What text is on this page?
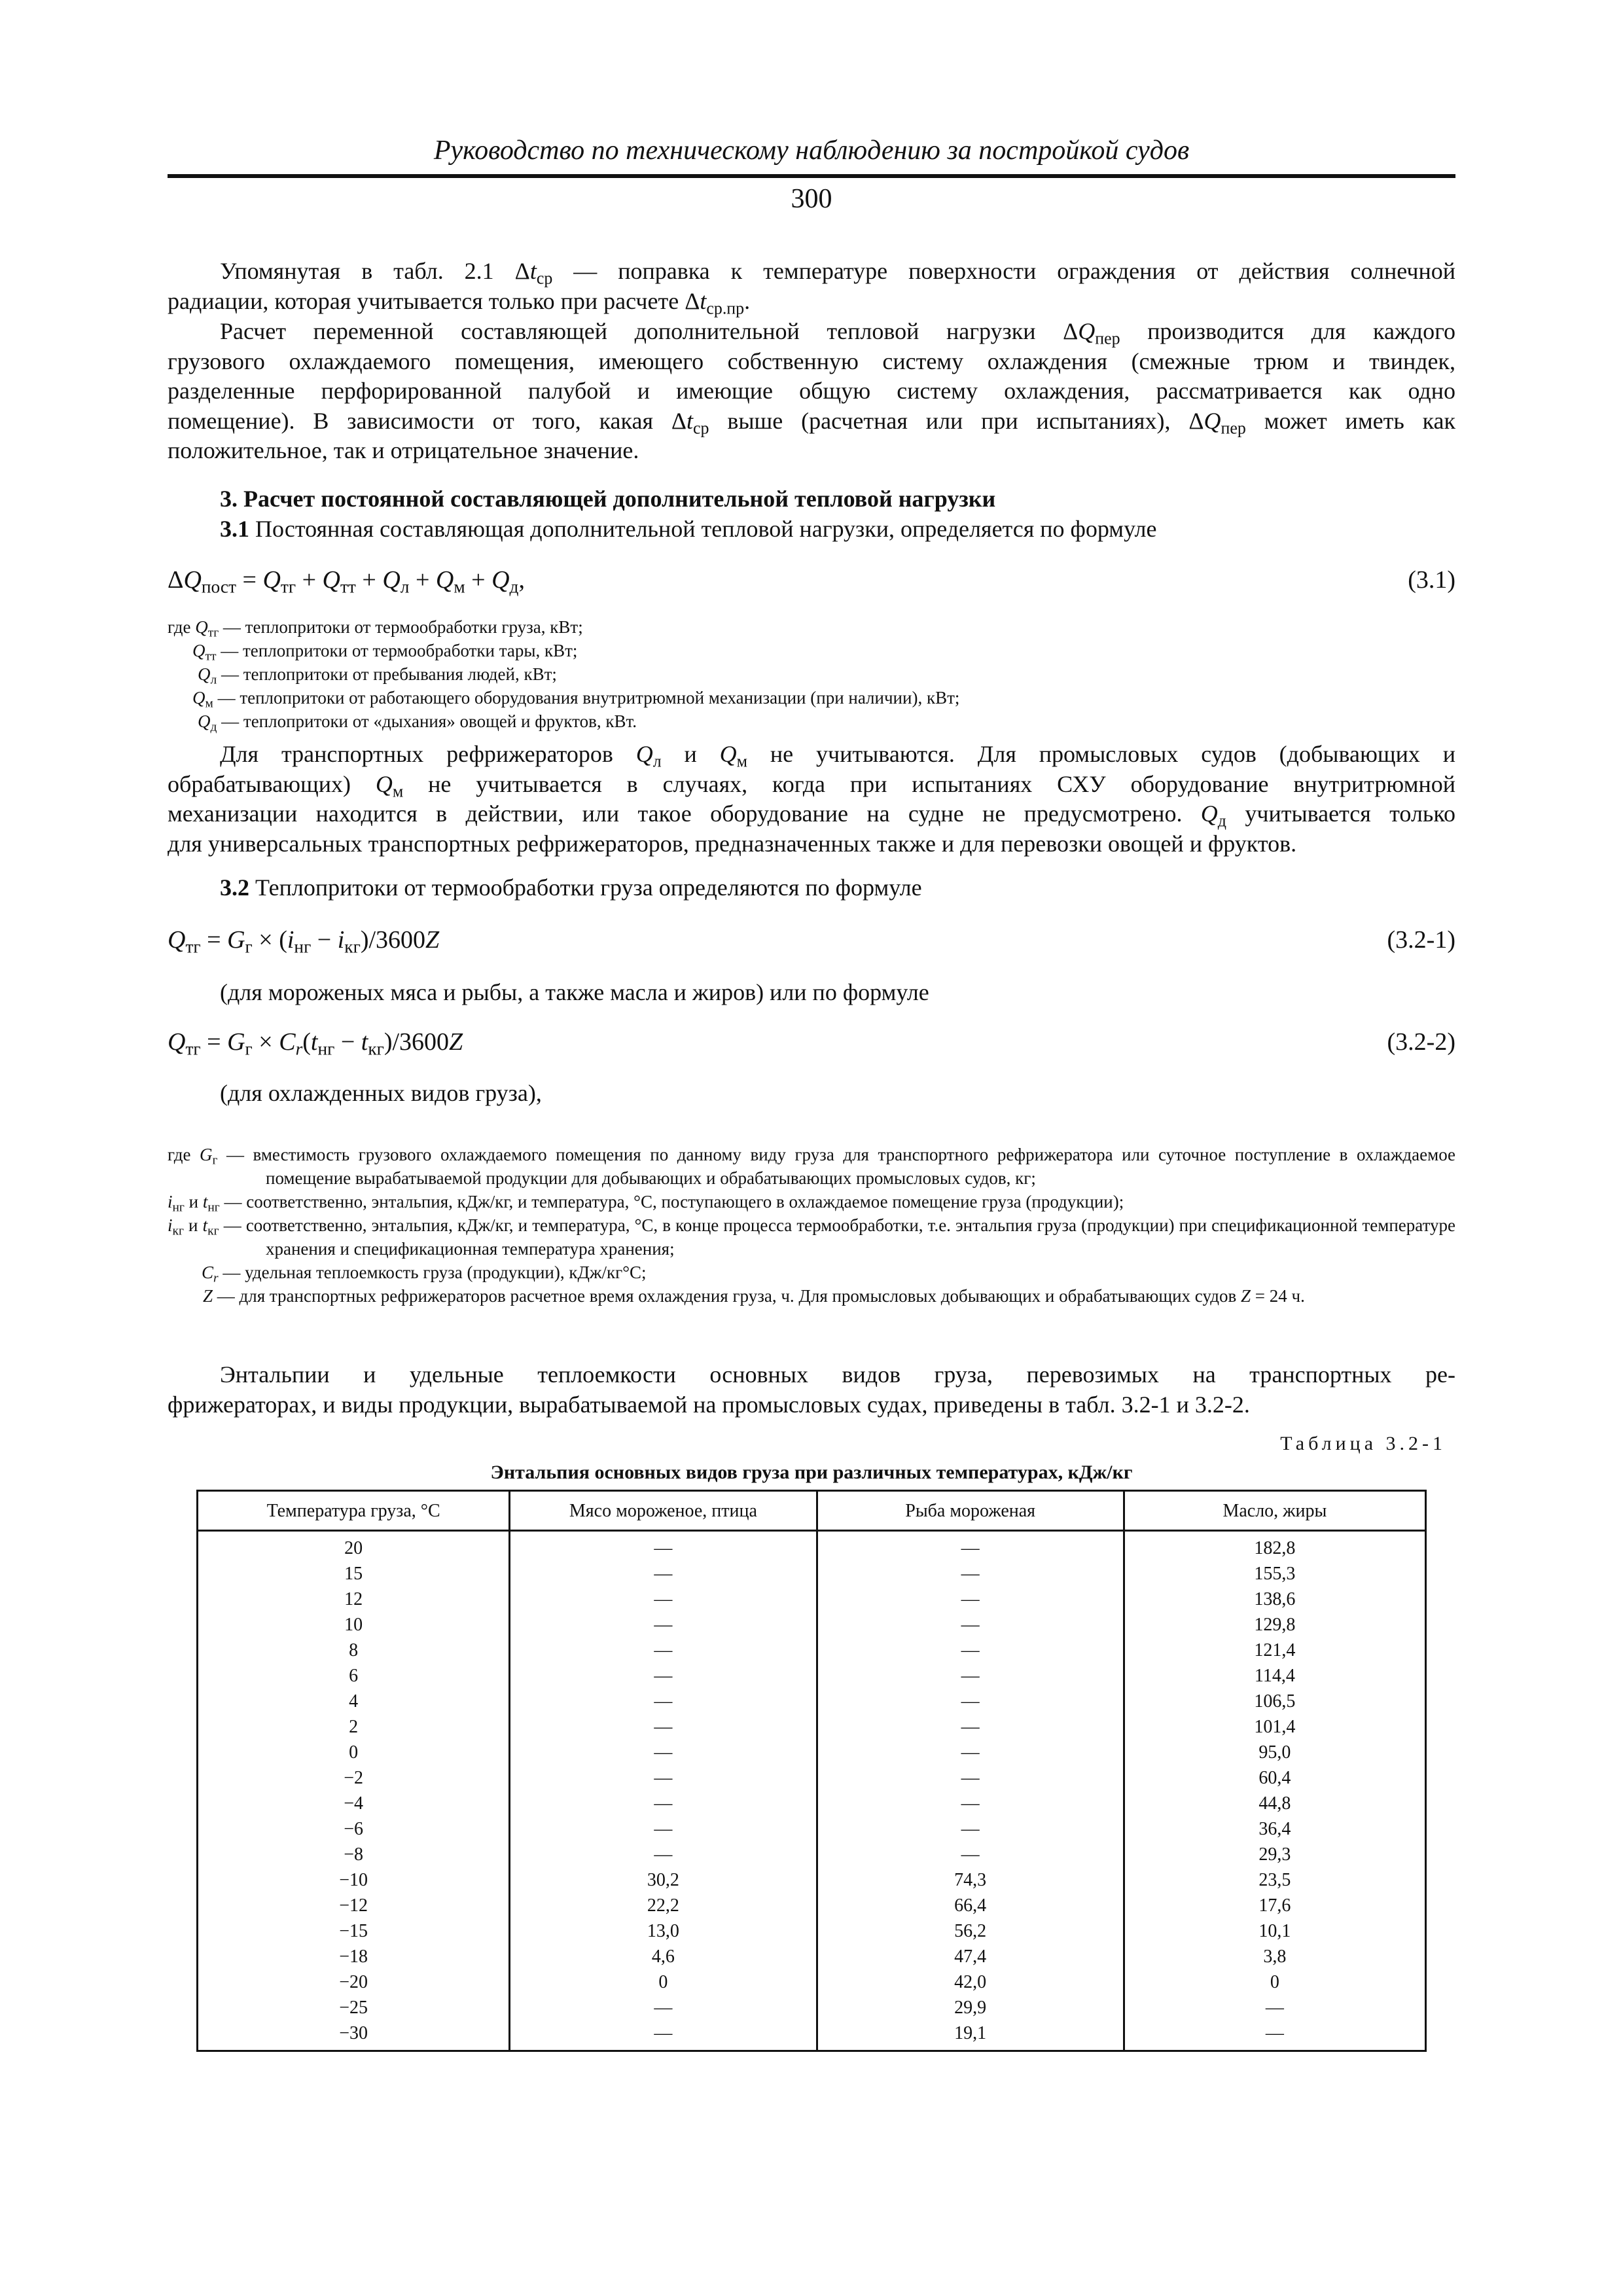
Руководство по техническому наблюдению за постройкой судов
300
Упомянутая в табл. 2.1 $\Delta t_{ср}$ — поправка к температуре поверхности ограждения от действия солнечной
радиации, которая учитывается только при расчете $\Delta t_{ср.пр}$.
Расчет переменной составляющей дополнительной тепловой нагрузки $\Delta Q_{пер}$ производится для каждого
грузового охлаждаемого помещения, имеющего собственную систему охлаждения (смежные трюм и твиндек,
разделенные перфорированной палубой и имеющие общую систему охлаждения, рассматривается как одно
помещение). В зависимости от того, какая $\Delta t_{ср}$ выше (расчетная или при испытаниях), $\Delta Q_{пер}$ может иметь как
положительное, так и отрицательное значение.
3. Расчет постоянной составляющей дополнительной тепловой нагрузки
3.1 Постоянная составляющая дополнительной тепловой нагрузки, определяется по формуле
$\Delta Q_{пост} = Q_{тг} + Q_{тт} + Q_л + Q_м + Q_д$,	(3.1)
где $Q_{тг}$ — теплопритоки от термообработки груза, кВт;
$Q_{тт}$ — теплопритоки от термообработки тары, кВт;
$Q_л$ — теплопритоки от пребывания людей, кВт;
$Q_м$ — теплопритоки от работающего оборудования внутритрюмной механизации (при наличии), кВт;
$Q_д$ — теплопритоки от «дыхания» овощей и фруктов, кВт.
Для транспортных рефрижераторов $Q_л$ и $Q_м$ не учитываются. Для промысловых судов (добывающих и
обрабатывающих) $Q_м$ не учитывается в случаях, когда при испытаниях СХУ оборудование внутритрюмной
механизации находится в действии, или такое оборудование на судне не предусмотрено. $Q_д$ учитывается только
для универсальных транспортных рефрижераторов, предназначенных также и для перевозки овощей и фруктов.
3.2 Теплопритоки от термообработки груза определяются по формуле
$Q_{тг} = G_г \times (i_{нг} - i_{кг})/3600Z$	(3.2-1)
(для мороженых мяса и рыбы, а также масла и жиров) или по формуле
$Q_{тг} = G_г \times C_r(t_{нг} - t_{кг})/3600Z$	(3.2-2)
(для охлажденных видов груза),
где $G_г$ — вместимость грузового охлаждаемого помещения по данному виду груза для транспортного рефрижератора или суточное поступление в охлаждаемое помещение вырабатываемой продукции для добывающих и обрабатывающих промысловых судов, кг;
$i_{нг}$ и $t_{нг}$ — соответственно, энтальпия, кДж/кг, и температура, °С, поступающего в охлаждаемое помещение груза (продукции);
$i_{кг}$ и $t_{кг}$ — соответственно, энтальпия, кДж/кг, и температура, °С, в конце процесса термообработки, т.е. энтальпия груза (продукции) при спецификационной температуре хранения и спецификационная температура хранения;
$C_r$ — удельная теплоемкость груза (продукции), кДж/кг°С;
Z — для транспортных рефрижераторов расчетное время охлаждения груза, ч. Для промысловых добывающих и обрабатывающих судов Z = 24 ч.
Энтальпии и удельные теплоемкости основных видов груза, перевозимых на транспортных ре-
фрижераторах, и виды продукции, вырабатываемой на промысловых судах, приведены в табл. 3.2-1 и 3.2-2.
Таблица 3.2-1
Энтальпия основных видов груза при различных температурах, кДж/кг
Температура груза, °С	Мясо мороженое, птица	Рыба мороженая	Масло, жиры
20	—	—	182,8
15	—	—	155,3
12	—	—	138,6
10	—	—	129,8
8	—	—	121,4
6	—	—	114,4
4	—	—	106,5
2	—	—	101,4
0	—	—	95,0
−2	—	—	60,4
−4	—	—	44,8
−6	—	—	36,4
−8	—	—	29,3
−10	30,2	74,3	23,5
−12	22,2	66,4	17,6
−15	13,0	56,2	10,1
−18	4,6	47,4	3,8
−20	0	42,0	0
−25	—	29,9	—
−30	—	19,1	—
